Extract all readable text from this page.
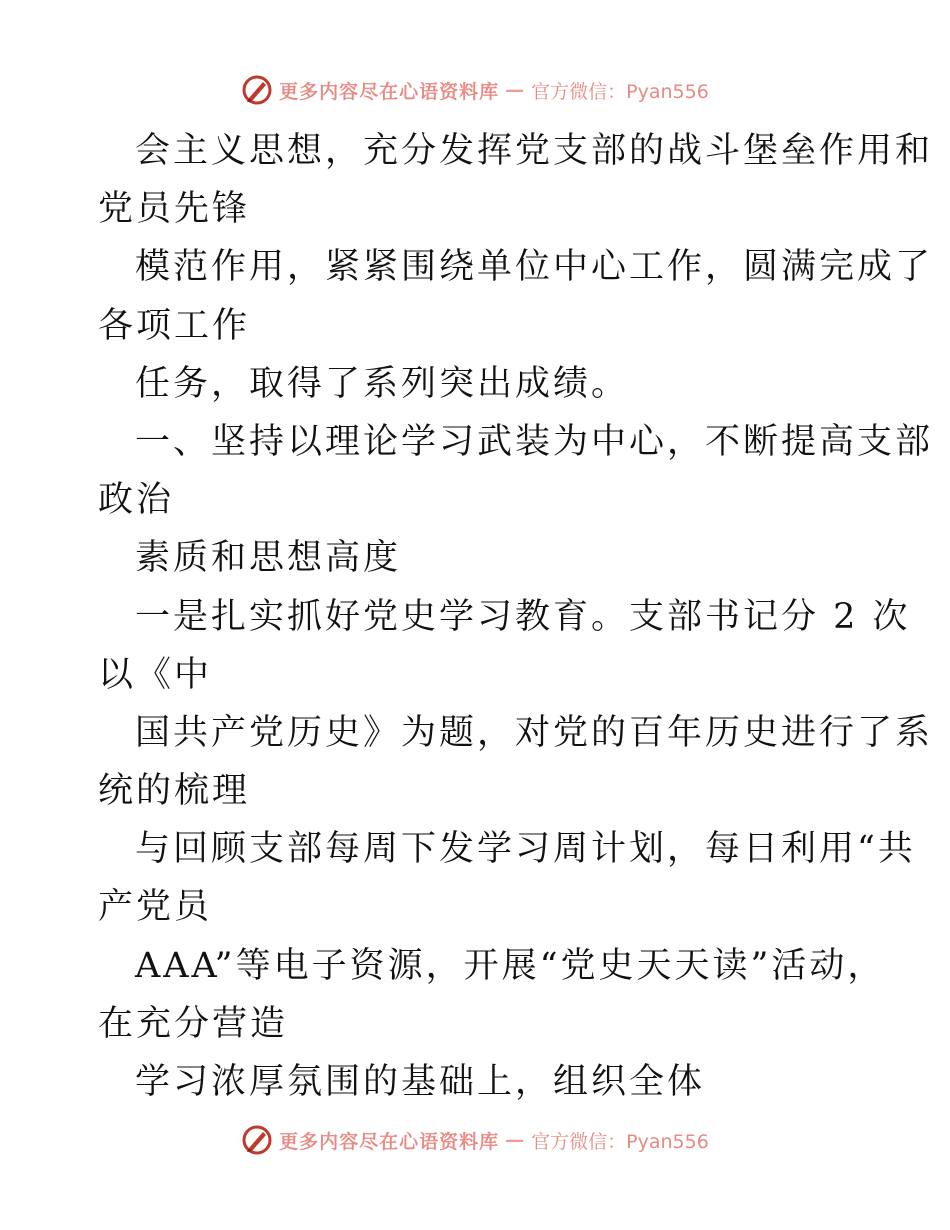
更多内容尽在心语资料库 — 官方微信：Pyan556
会主义思想，充分发挥党支部的战斗堡垒作用和
党员先锋
模范作用，紧紧围绕单位中心工作，圆满完成了
各项工作
任务，取得了系列突出成绩。
一、坚持以理论学习武装为中心，不断提高支部
政治
素质和思想高度
一是扎实抓好党史学习教育。支部书记分 2 次
以《中
国共产党历史》为题，对党的百年历史进行了系
统的梳理
与回顾支部每周下发学习周计划，每日利用“共
产党员
AAA”等电子资源，开展“党史天天读”活动，
在充分营造
学习浓厚氛围的基础上，组织全体
更多内容尽在心语资料库 — 官方微信：Pyan556
